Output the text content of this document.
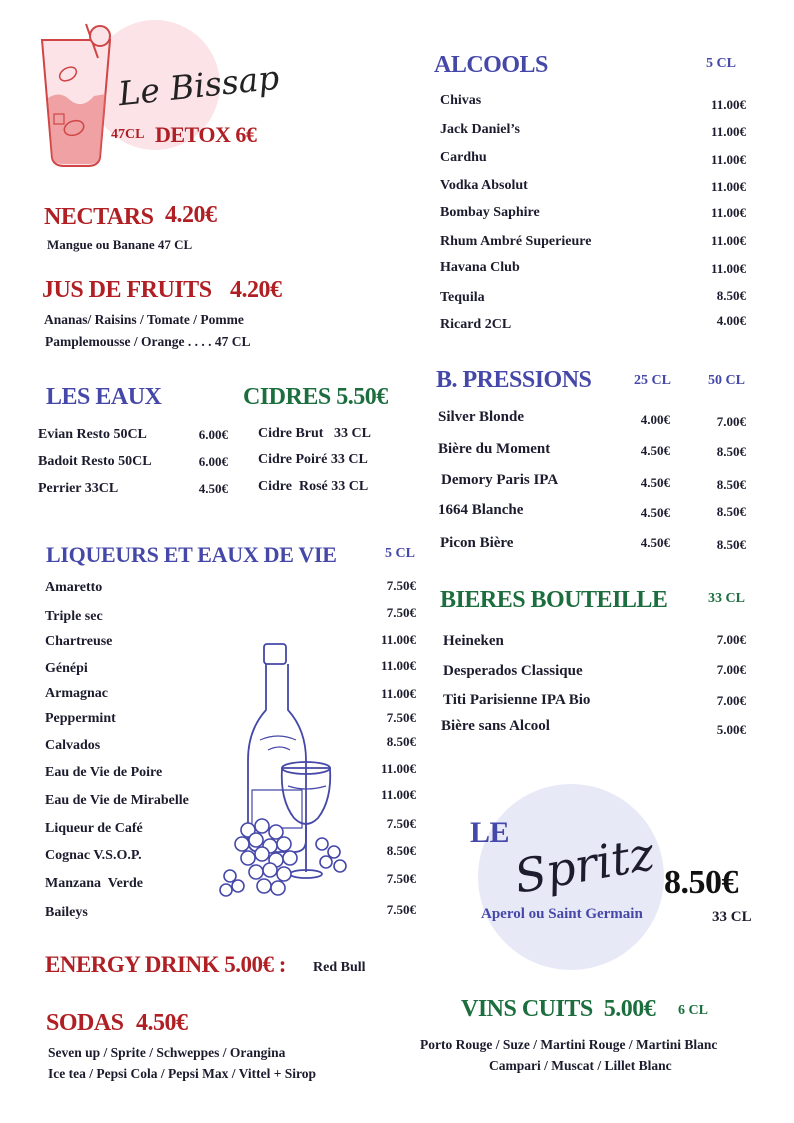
Le Bissap
47CL DETOX 6€
NECTARS 4.20€
Mangue ou Banane 47 CL
JUS DE FRUITS 4.20€
Ananas/ Raisins / Tomate / Pomme
Pamplemousse / Orange . . . . 47 CL
LES EAUX
Evian Resto 50CL	6.00€
Badoit Resto 50CL	6.00€
Perrier 33CL	4.50€
CIDRES 5.50€
Cidre Brut   33 CL
Cidre Poiré 33 CL
Cidre  Rosé 33 CL
LIQUEURS ET EAUX DE VIE	5 CL
Amaretto	7.50€
Triple sec	7.50€
Chartreuse	11.00€
Génépi	11.00€
Armagnac	11.00€
Peppermint	7.50€
Calvados	8.50€
Eau de Vie de Poire	11.00€
Eau de Vie de Mirabelle	11.00€
Liqueur de Café	7.50€
Cognac V.S.O.P.	8.50€
Manzana  Verde	7.50€
Baileys	7.50€
ENERGY DRINK 5.00€ : Red Bull
SODAS 4.50€
Seven up / Sprite / Schweppes / Orangina
Ice tea / Pepsi Cola / Pepsi Max / Vittel + Sirop
ALCOOLS	5 CL
Chivas	11.00€
Jack Daniel’s	11.00€
Cardhu	11.00€
Vodka Absolut	11.00€
Bombay Saphire	11.00€
Rhum Ambré Superieure	11.00€
Havana Club	11.00€
Tequila	8.50€
Ricard 2CL	4.00€
B. PRESSIONS	25 CL	50 CL
Silver Blonde	4.00€	7.00€
Bière du Moment	4.50€	8.50€
Demory Paris IPA	4.50€	8.50€
1664 Blanche	4.50€	8.50€
Picon Bière	4.50€	8.50€
BIERES BOUTEILLE	33 CL
Heineken	7.00€
Desperados Classique	7.00€
Titi Parisienne IPA Bio	7.00€
Bière sans Alcool	5.00€
LE Spritz 8.50€
Aperol ou Saint Germain	33 CL
VINS CUITS  5.00€ 6 CL
Porto Rouge / Suze / Martini Rouge / Martini Blanc
Campari / Muscat / Lillet Blanc
